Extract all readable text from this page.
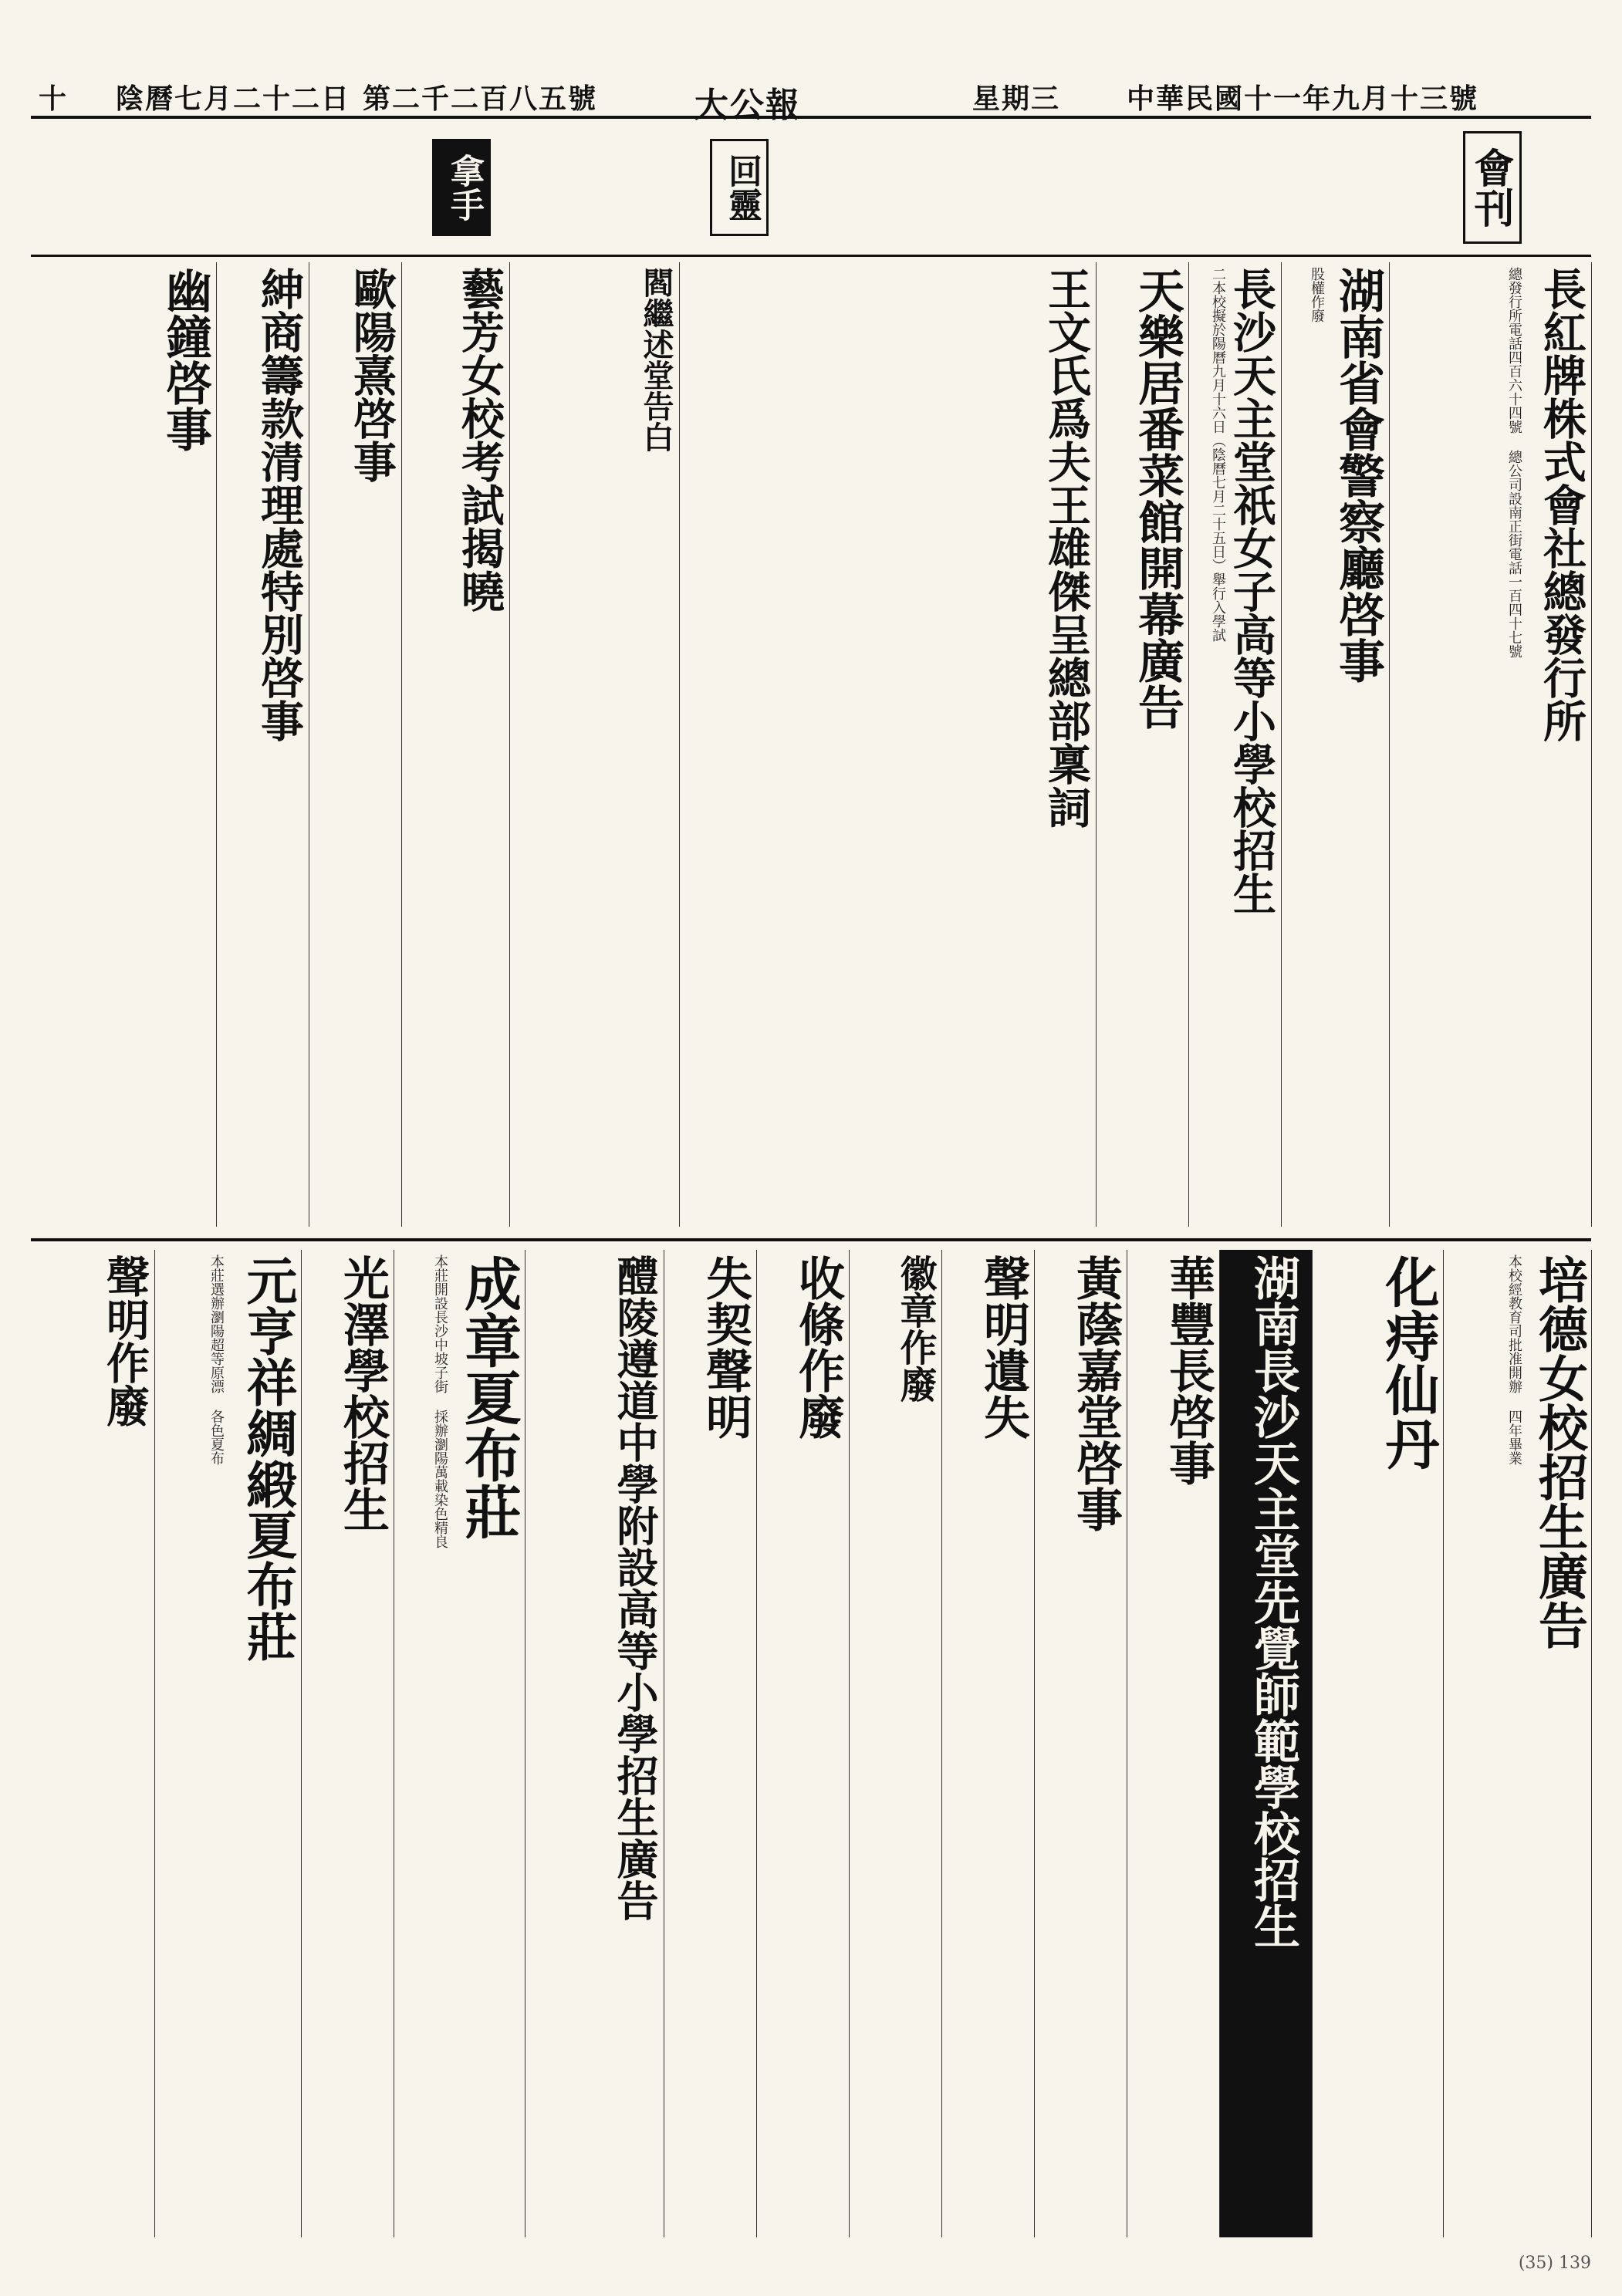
中華民國十一年九月十三號
星期三
大公報
第二千二百八五號
陰曆七月二十二日
十
會刊
回靈
拿手
長紅牌株式會社總發行所
總發行所電話四百六十四號 總公司設南正街電話一百四十七號
湖南省會警察廳啓事
股權作廢
長沙天主堂祇女子高等小學校招生
二本校擬於陽曆九月十六日（陰曆七月二十五日）舉行入學試
天樂居番菜館開幕廣告
王文氏爲夫王雄傑呈總部稟詞
閻繼述堂告白
藝芳女校考試揭曉
歐陽熹啓事
紳商籌款清理處特別啓事
幽鐘啓事
培德女校招生廣告
本校經教育司批准開辦 四年畢業
化痔仙丹
湖南長沙天主堂先覺師範學校招生
華豐長啓事
黃蔭嘉堂啓事
聲明遺失
徽章作廢
收條作廢
失契聲明
醴陵遵道中學附設高等小學招生廣告
成章夏布莊
本莊開設長沙中坡子街 採辦瀏陽萬載染色精良
光澤學校招生
元亨祥綢緞夏布莊
本莊選辦瀏陽超等原漂 各色夏布
聲明作廢
(35) 139
